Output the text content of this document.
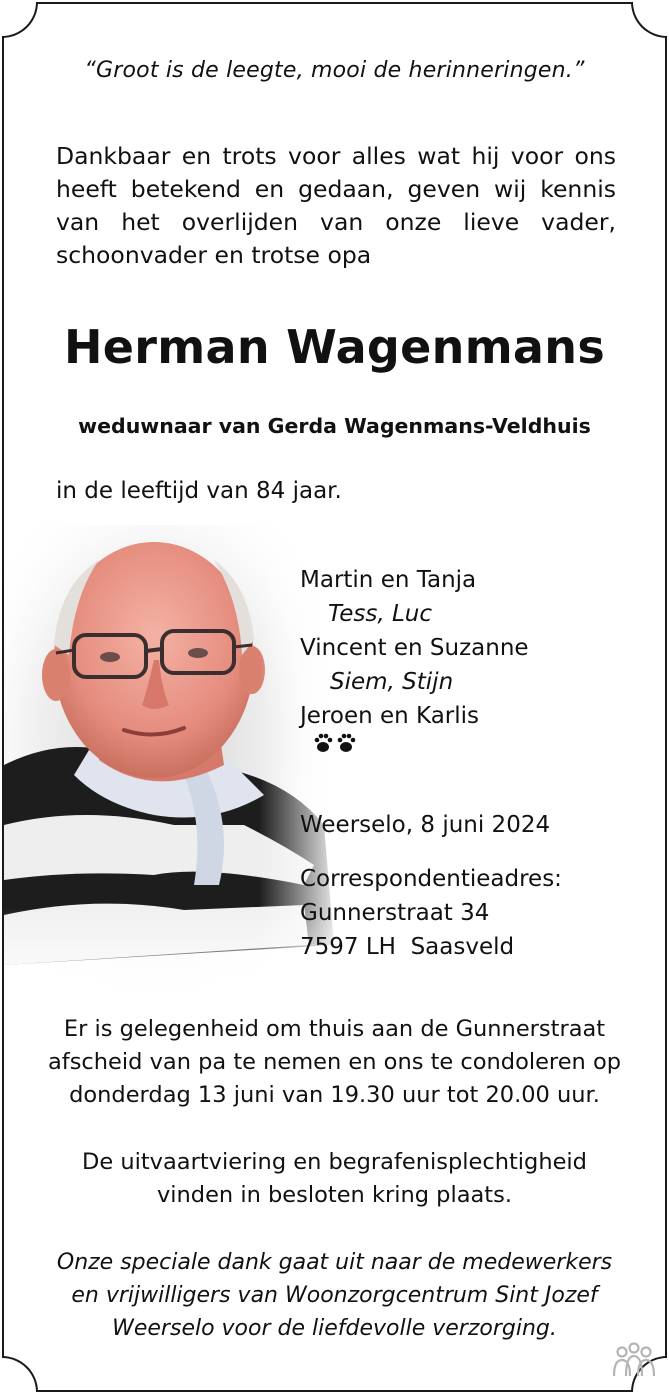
“Groot is de leegte, mooi de herinneringen.”
Dankbaar en trots voor alles wat hij voor ons heeft betekend en gedaan, geven wij kennis van het overlijden van onze lieve vader, schoonvader en trotse opa
Herman Wagenmans
weduwnaar van Gerda Wagenmans-Veldhuis
in de leeftijd van 84 jaar.
Martin en Tanja
Tess, Luc
Vincent en Suzanne
Siem, Stijn
Jeroen en Karlis
Weerselo, 8 juni 2024
Correspondentieadres:
Gunnerstraat 34
7597 LH  Saasveld
Er is gelegenheid om thuis aan de Gunnerstraat
afscheid van pa te nemen en ons te condoleren op
donderdag 13 juni van 19.30 uur tot 20.00 uur.
De uitvaartviering en begrafenisplechtigheid
vinden in besloten kring plaats.
Onze speciale dank gaat uit naar de medewerkers
en vrijwilligers van Woonzorgcentrum Sint Jozef
Weerselo voor de liefdevolle verzorging.
